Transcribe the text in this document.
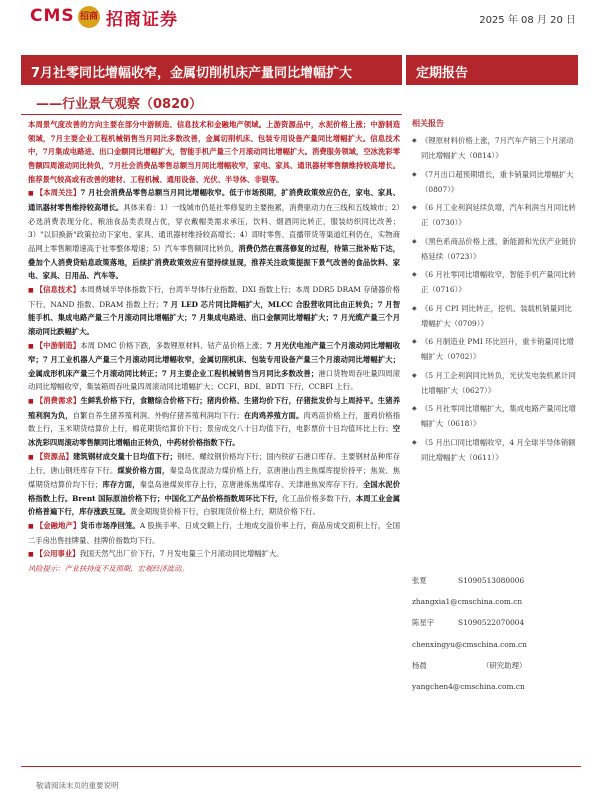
CMS 招商 招商证券	2025 年 08 月 20 日
7月社零同比增幅收窄，金属切削机床产量同比增幅扩大	定期报告
——行业景气观察（0820）

本周景气度改善的方向主要在部分中游制造、信息技术和金融地产领域。上游资源品中，水泥价格上涨；中游制造领域，7月主要企业工程机械销售当月同比多数改善，金属切削机床、包装专用设备产量同比增幅扩大。信息技术中，7月集成电路进、出口金额同比增幅扩大，智能手机产量三个月滚动同比增幅扩大。消费服务领域，空冰洗彩零售额四周滚动同比转负，7月社会消费品零售总额当月同比增幅收窄，家电、家具、通讯器材零售额维持较高增长。推荐景气较高或有改善的建材、工程机械、通用设备、光伏、半导体、非银等。

■ 【本周关注】7 月社会消费品零售总额当月同比增幅收窄。低于市场预期，扩消费政策效应仍在，家电、家具、通讯器材零售维持较高增长。具体来看：1）一线城市仍是社零修复的主要拖累，消费驱动力在三线和五线城市；2）必选消费表现分化，粮油食品类表现占优，穿衣戴帽类需求承压，饮料、烟酒同比转正，服装纺织同比改善；3）"以旧换新"政策拉动下家电、家具、通讯器材维持较高增长；4）即时零售、直播带货等渠道红利仍在，实物商品网上零售额增速高于社零整体增速；5）汽车零售额同比转负，消费仍然在震荡修复的过程，待第三批补贴下达，叠加个人消费贷贴息政策落地，后续扩消费政策效应有望持续显现，推荐关注政策提振下景气改善的食品饮料、家电、家具、日用品、汽车等。

■ 【信息技术】本周费城半导体指数下行，台湾半导体行业指数、DXI 指数上行；本周 DDR5 DRAM 存储器价格下行，NAND 指数、DRAM 指数上行；7 月 LED 芯片同比降幅扩大，MLCC 合股营收同比由正转负；7 月智能手机、集成电路产量三个月滚动同比增幅扩大；7 月集成电路进、出口金额同比增幅扩大；7 月光缆产量三个月滚动同比跌幅扩大。

■ 【中游制造】本周 DMC 价格下跌，多数锂原材料、钴产品价格上涨；7 月光伏电池产量三个月滚动同比增幅收窄；7 月工业机器人产量三个月滚动同比增幅收窄，金属切削机床、包装专用设备产量三个月滚动同比增幅扩大；金属成形机床产量三个月滚动同比转正；7 月主要企业工程机械销售当月同比多数改善；港口货物周吞吐量四周滚动同比增幅收窄，集装箱周吞吐量四周滚动同比增幅扩大；CCFI、BDI、BDTI 下行，CCBFI 上行。

■ 【消费需求】生鲜乳价格下行，食糖综合价格下行；猪肉价格、生猪均价下行，仔猪批发价与上周持平。生猪养殖利润为负，自繁自养生猪养殖利润、外购仔猪养殖利润均下行；在肉鸡养殖方面。肉鸡苗价格上行，蛋鸡价格指数上行，玉米期货结算价上行，棉花期货结算价下行；景房成交八十日均值下行，电影票价十日均值环比上行；空冰洗彩四周滚动零售额同比增幅由正转负，中药材价格指数下行。

■ 【资源品】建筑钢材成交量十日均值下行；钢坯、螺纹钢价格均下行；国内铁矿石港口库存、主要钢材品种库存上行，唐山钢坯库存下行。煤炭价格方面，秦皇岛优混动力煤价格上行，京唐港山西主焦煤库提价持平；焦炭、焦煤期货结算价均下行；库存方面，秦皇岛港煤炭库存上行，京唐港炼焦煤库存、天津港焦炭库存下行。全国水泥价格指数上行。Brent 国际原油价格下行；中国化工产品价格指数周环比下行，化工品价格多数下行，本周工业金属价格普遍下行，库存涨跌互现。黄金期现货价格下行，白银现货价格上行，期货价格下行。

■ 【金融地产】货币市场净回笼。A 股换手率、日成交额上行，土地成交溢价率上行，商品房成交面积上行，全国二手房出售挂牌量、挂牌价指数均下行。

■ 【公用事业】我国天然气出厂价下行，7 月发电量三个月滚动同比增幅扩大。

风险提示：产业扶持度不及预期，宏观经济波动。

相关报告
◆ 《锂原材料价格上涨，7月汽车产销三个月滚动同比增幅扩大（0814）》
◆ 《7月出口超预期增长，重卡销量同比增幅扩大（0807）》
◆ 《6 月工业利润延续负增，汽车利润当月同比转正（0730）》
◆ 《黑色系商品价格上涨，新能源和光伏产业链价格延续（0723）》
◆ 《6 月社零同比增幅收窄，智能手机产量同比转正（0716）》
◆ 《6 月 CPI 同比转正，挖机、装载机销量同比增幅扩大（0709）》
◆ 《6 月制造业 PMI 环比回升，重卡销量同比增幅扩大（0702）》
◆ 《5 月工企利润同比转负，光伏发电装机累计同比增幅扩大（0627）》
◆ 《5 月社零同比增幅扩大，集成电路产量同比增幅扩大（0618）》
◆ 《5 月出口同比增幅收窄，4 月全球半导体销额同比增幅扩大（0611）》
张夏	S1090513080006
zhangxia1@cmschina.com.cn
陈星宇	S1090522070004
chenxingyu@cmschina.com.cn
杨晨	（研究助理）
yangchen4@cmschina.com.cn
敬请阅读末页的重要说明
